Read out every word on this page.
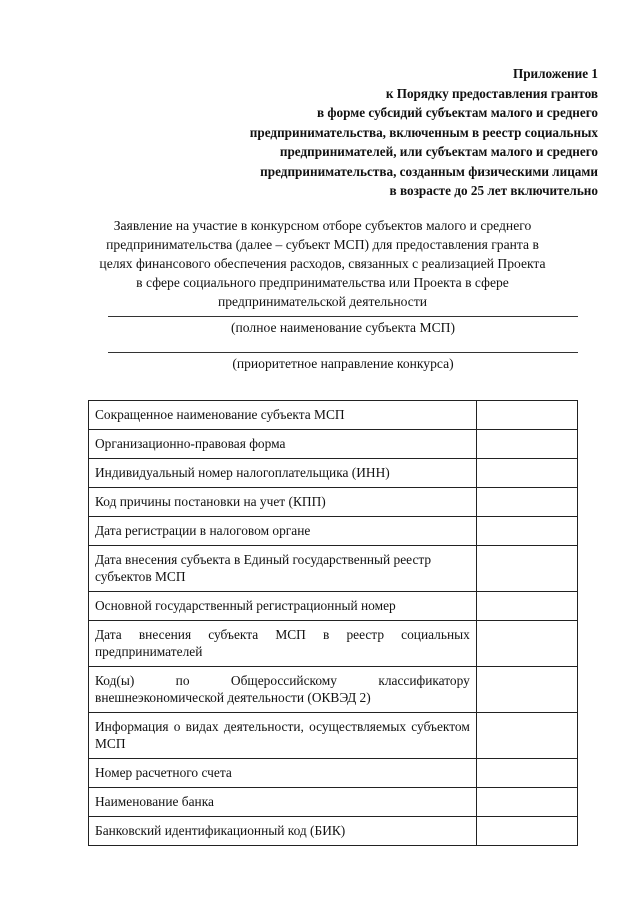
Приложение 1
к Порядку предоставления грантов
в форме субсидий субъектам малого и среднего
предпринимательства, включенным в реестр социальных
предпринимателей, или субъектам малого и среднего
предпринимательства, созданным физическими лицами
в возрасте до 25 лет включительно
Заявление на участие в конкурсном отборе субъектов малого и среднего
предпринимательства (далее – субъект МСП) для предоставления гранта в
целях финансового обеспечения расходов, связанных с реализацией Проекта
в сфере социального предпринимательства или Проекта в сфере
предпринимательской деятельности
(полное наименование субъекта МСП)
(приоритетное направление конкурса)
Сокращенное наименование субъекта МСП	
Организационно-правовая форма	
Индивидуальный номер налогоплательщика (ИНН)	
Код причины постановки на учет (КПП)	
Дата регистрации в налоговом органе	
Дата внесения субъекта в Единый государственный реестр субъектов МСП	
Основной государственный регистрационный номер	
Дата внесения субъекта МСП в реестр социальных предпринимателей	
Код(ы) по Общероссийскому классификатору внешнеэкономической деятельности (ОКВЭД 2)	
Информация о видах деятельности, осуществляемых субъектом МСП	
Номер расчетного счета	
Наименование банка	
Банковский идентификационный код (БИК)	
